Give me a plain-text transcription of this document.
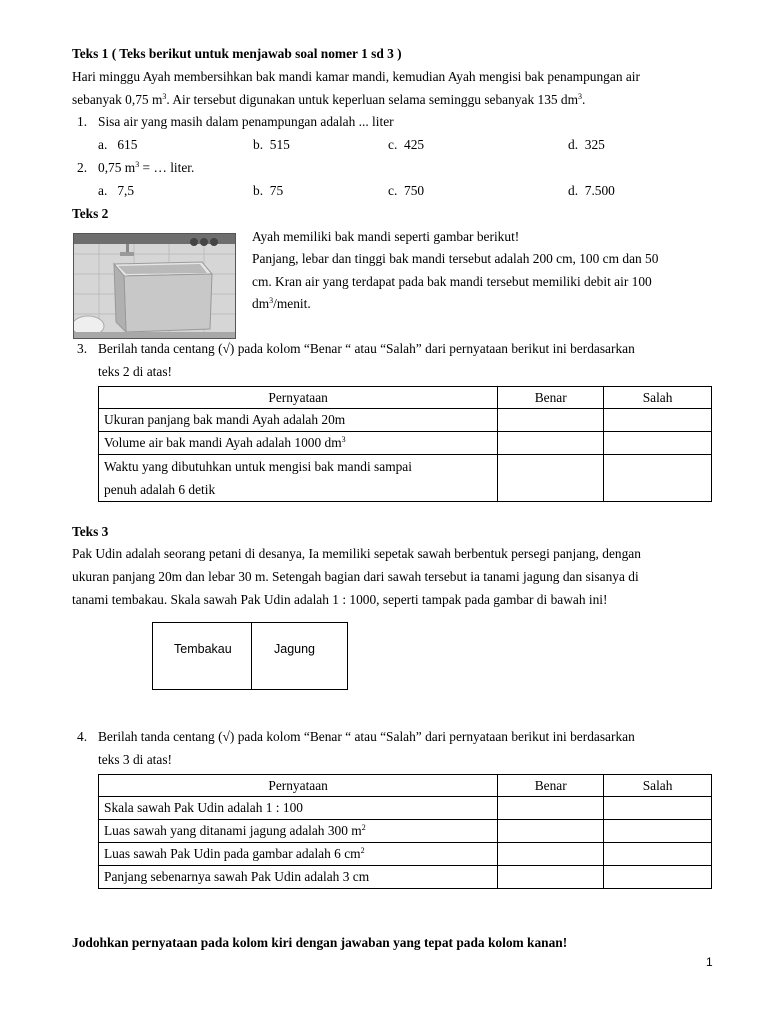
Teks 1 ( Teks berikut untuk menjawab soal nomer 1 sd 3 )
Hari minggu Ayah membersihkan bak mandi kamar mandi, kemudian Ayah mengisi bak penampungan air
sebanyak 0,75 $m^3$. Air tersebut digunakan untuk keperluan selama seminggu sebanyak 135 $dm^3$.
1. Sisa air yang masih dalam penampungan adalah ... liter
a. 615	b. 515	c. 425	d. 325
2. 0,75 $m^3$ = … liter.
a. 7,5	b. 75	c. 750	d. 7.500
Teks 2
Ayah memiliki bak mandi seperti gambar berikut!
Panjang, lebar dan tinggi bak mandi tersebut adalah 200 cm, 100 cm dan 50
cm. Kran air yang terdapat pada bak mandi tersebut memiliki debit air 100
$dm^3$/menit.
3. Berilah tanda centang (√) pada kolom “Benar “ atau “Salah” dari pernyataan berikut ini berdasarkan
teks 2 di atas!
Pernyataan	Benar	Salah
Ukuran panjang bak mandi Ayah adalah 20m		
Volume air bak mandi Ayah adalah 1000 $dm^3$		
Waktu yang dibutuhkan untuk mengisi bak mandi sampai
penuh adalah 6 detik		
Teks 3
Pak Udin adalah seorang petani di desanya, Ia memiliki sepetak sawah berbentuk persegi panjang, dengan
ukuran panjang 20m dan lebar 30 m. Setengah bagian dari sawah tersebut ia tanami jagung dan sisanya di
tanami tembakau. Skala sawah Pak Udin adalah 1 : 1000, seperti tampak pada gambar di bawah ini!
Tembakau	Jagung
4. Berilah tanda centang (√) pada kolom “Benar “ atau “Salah” dari pernyataan berikut ini berdasarkan
teks 3 di atas!
Pernyataan	Benar	Salah
Skala sawah Pak Udin adalah 1 : 100		
Luas sawah yang ditanami jagung adalah 300 $m^2$		
Luas sawah Pak Udin pada gambar adalah 6 $cm^2$		
Panjang sebenarnya sawah Pak Udin adalah 3 cm		
Jodohkan pernyataan pada kolom kiri dengan jawaban yang tepat pada kolom kanan!
1
